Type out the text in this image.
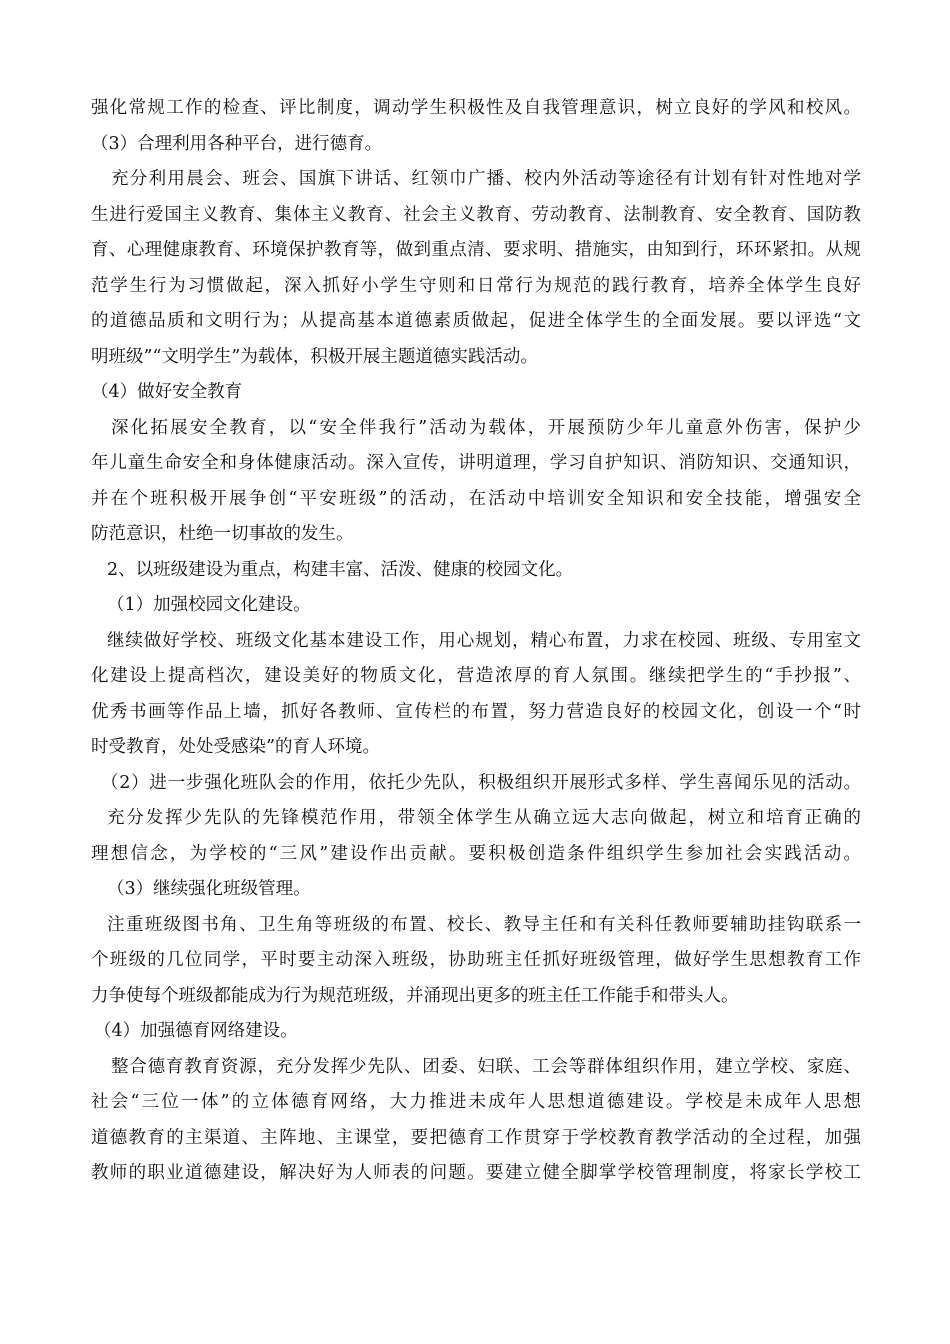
强化常规工作的检查、评比制度，调动学生积极性及自我管理意识，树立良好的学风和校风。
（3）合理利用各种平台，进行德育。
充分利用晨会、班会、国旗下讲话、红领巾广播、校内外活动等途径有计划有针对性地对学
生进行爱国主义教育、集体主义教育、社会主义教育、劳动教育、法制教育、安全教育、国防教
育、心理健康教育、环境保护教育等，做到重点清、要求明、措施实，由知到行，环环紧扣。从规
范学生行为习惯做起，深入抓好小学生守则和日常行为规范的践行教育，培养全体学生良好
的道德品质和文明行为；从提高基本道德素质做起，促进全体学生的全面发展。要以评选“文
明班级”“文明学生”为载体，积极开展主题道德实践活动。
（4）做好安全教育
深化拓展安全教育，以“安全伴我行”活动为载体，开展预防少年儿童意外伤害，保护少
年儿童生命安全和身体健康活动。深入宣传，讲明道理，学习自护知识、消防知识、交通知识，
并在个班积极开展争创“平安班级”的活动，在活动中培训安全知识和安全技能，增强安全
防范意识，杜绝一切事故的发生。
2、以班级建设为重点，构建丰富、活泼、健康的校园文化。
（1）加强校园文化建设。
继续做好学校、班级文化基本建设工作，用心规划，精心布置，力求在校园、班级、专用室文
化建设上提高档次，建设美好的物质文化，营造浓厚的育人氛围。继续把学生的“手抄报”、
优秀书画等作品上墙，抓好各教师、宣传栏的布置，努力营造良好的校园文化，创设一个“时
时受教育，处处受感染”的育人环境。
（2）进一步强化班队会的作用，依托少先队，积极组织开展形式多样、学生喜闻乐见的活动。
充分发挥少先队的先锋模范作用，带领全体学生从确立远大志向做起，树立和培育正确的
理想信念，为学校的“三风”建设作出贡献。要积极创造条件组织学生参加社会实践活动。
（3）继续强化班级管理。
注重班级图书角、卫生角等班级的布置、校长、教导主任和有关科任教师要辅助挂钩联系一
个班级的几位同学，平时要主动深入班级，协助班主任抓好班级管理，做好学生思想教育工作
力争使每个班级都能成为行为规范班级，并涌现出更多的班主任工作能手和带头人。
（4）加强德育网络建设。
整合德育教育资源，充分发挥少先队、团委、妇联、工会等群体组织作用，建立学校、家庭、
社会“三位一体”的立体德育网络，大力推进未成年人思想道德建设。学校是未成年人思想
道德教育的主渠道、主阵地、主课堂，要把德育工作贯穿于学校教育教学活动的全过程，加强
教师的职业道德建设，解决好为人师表的问题。要建立健全脚掌学校管理制度，将家长学校工
